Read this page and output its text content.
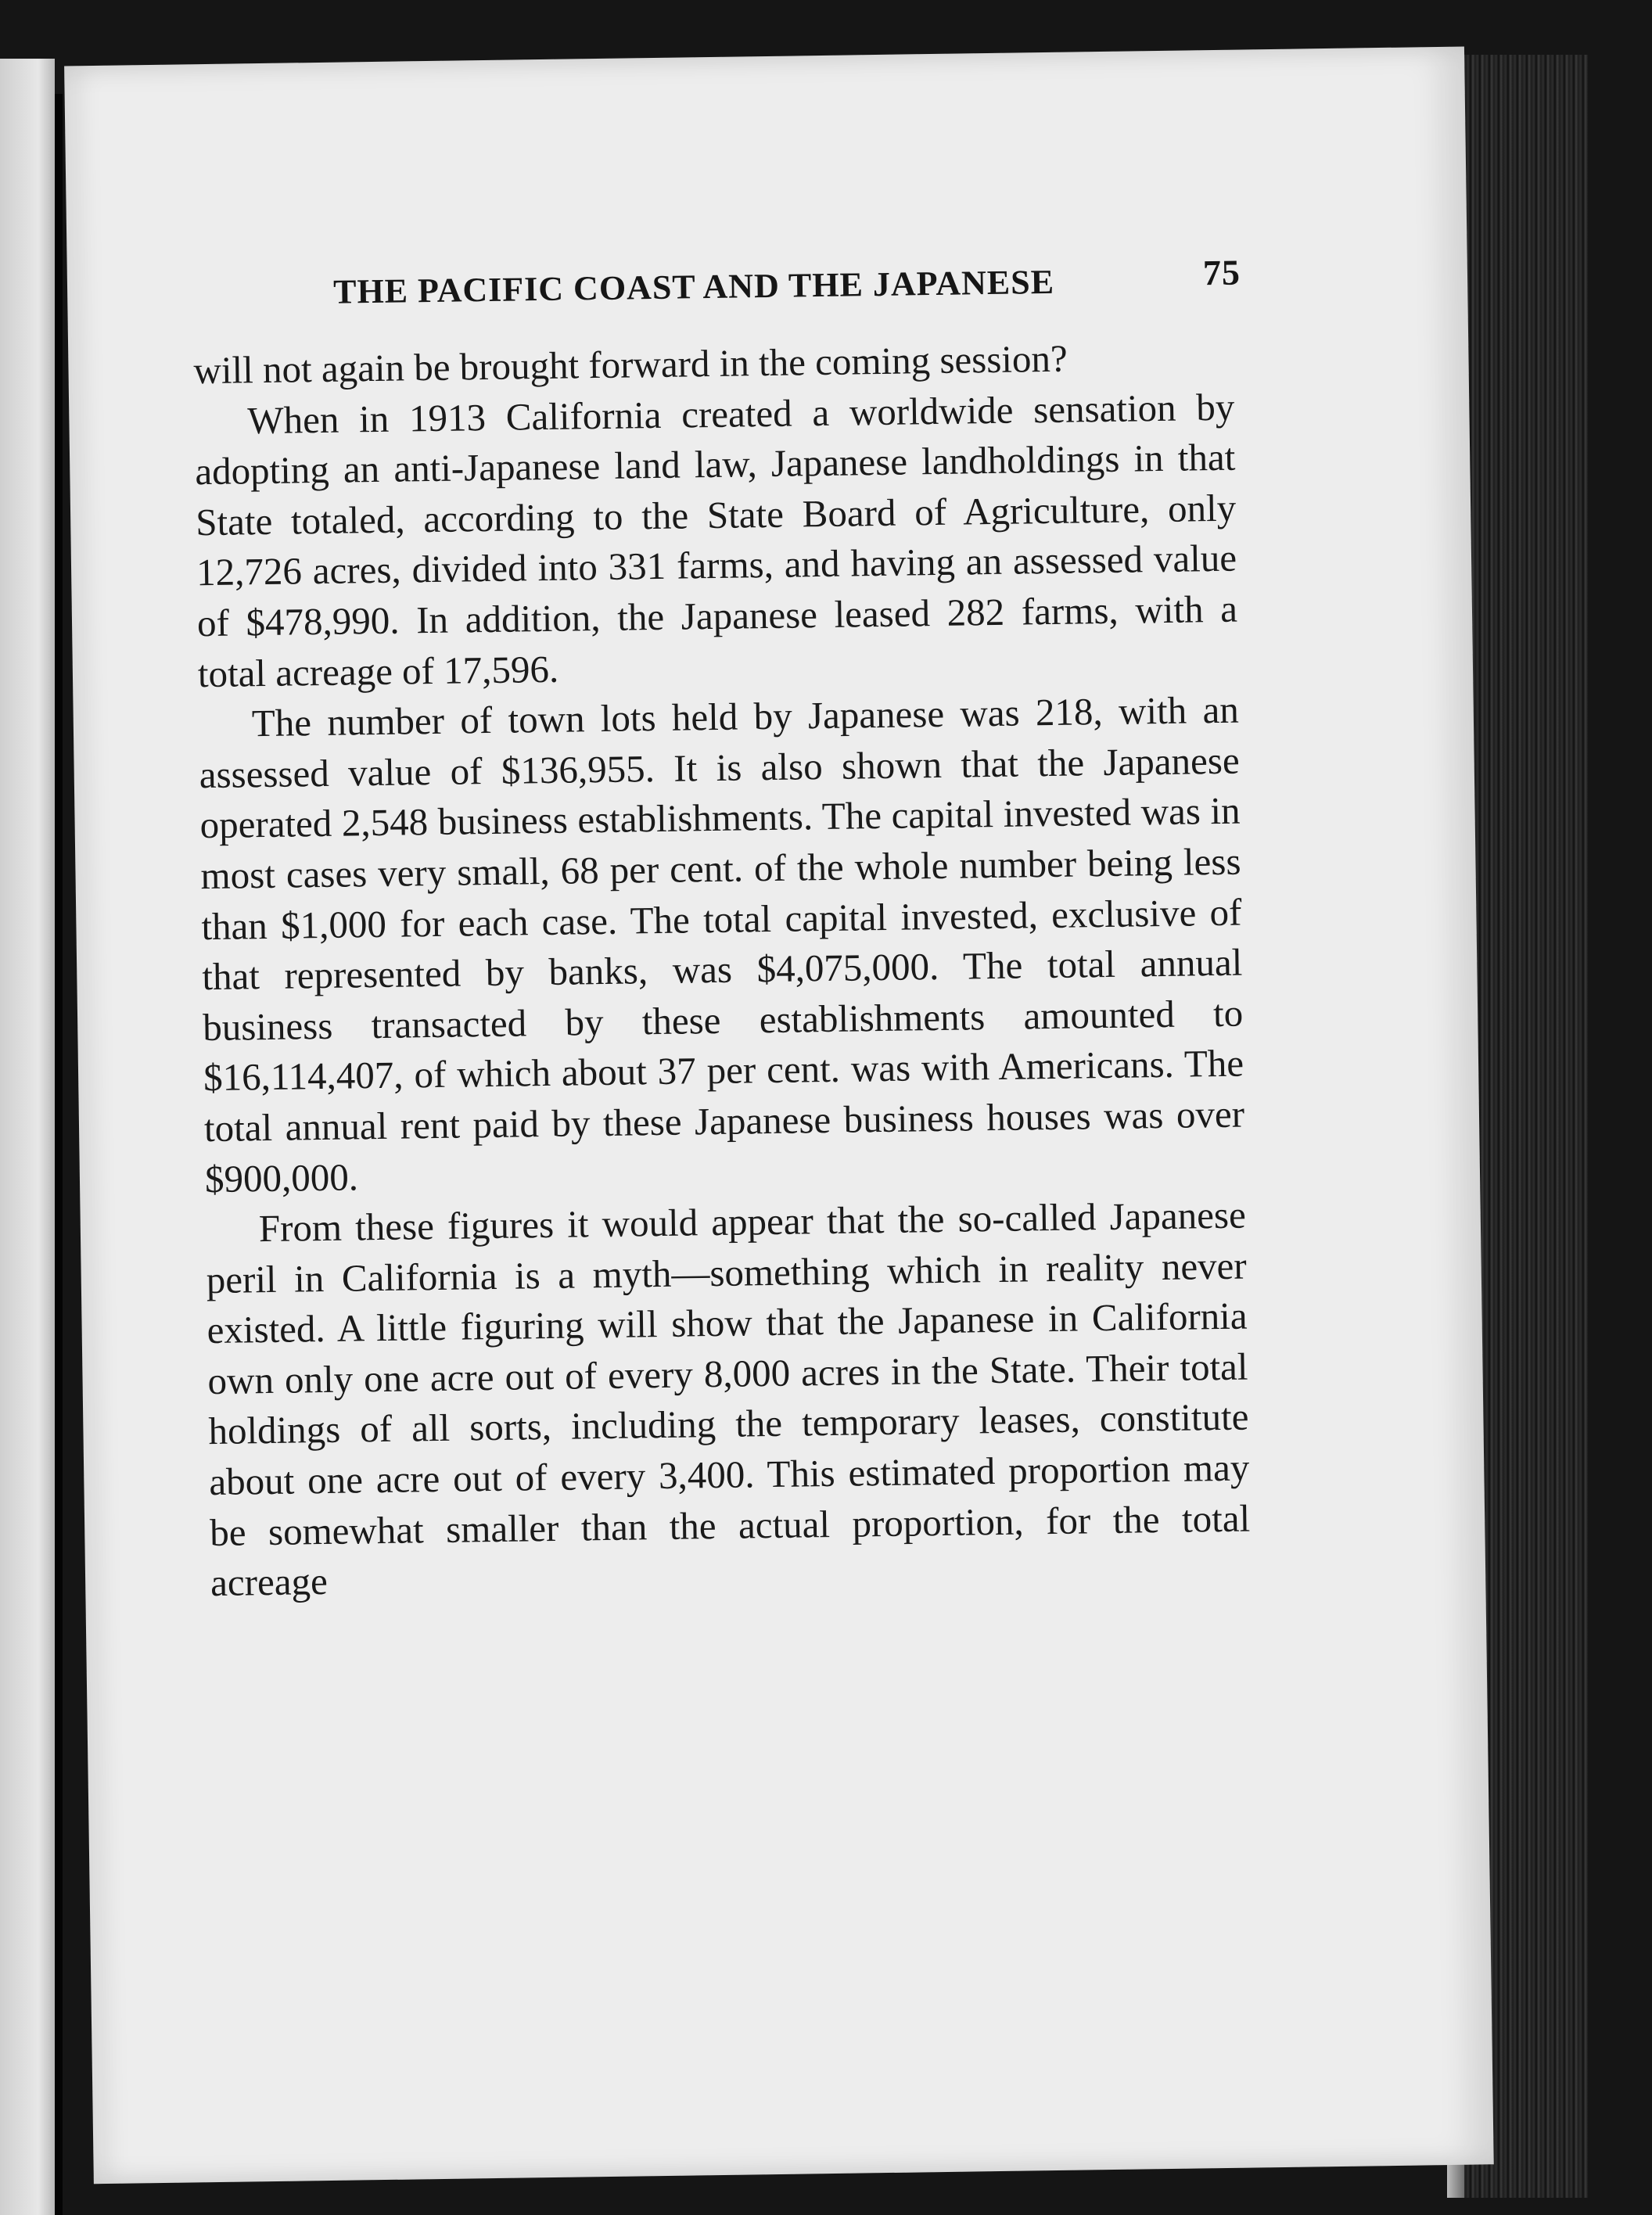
THE PACIFIC COAST AND THE JAPANESE	75

will not again be brought forward in the coming session?

When in 1913 California created a worldwide sensation by adopting an anti-Japanese land law, Japanese landholdings in that State totaled, according to the State Board of Agriculture, only 12,726 acres, divided into 331 farms, and having an assessed value of $478,990. In addition, the Japanese leased 282 farms, with a total acreage of 17,596.

The number of town lots held by Japanese was 218, with an assessed value of $136,955. It is also shown that the Japanese operated 2,548 business establishments. The capital invested was in most cases very small, 68 per cent. of the whole number being less than $1,000 for each case. The total capital invested, exclusive of that represented by banks, was $4,075,000. The total annual business transacted by these establishments amounted to $16,114,407, of which about 37 per cent. was with Americans. The total annual rent paid by these Japanese business houses was over $900,000.

From these figures it would appear that the so-called Japanese peril in California is a myth—something which in reality never existed. A little figuring will show that the Japanese in California own only one acre out of every 8,000 acres in the State. Their total holdings of all sorts, including the temporary leases, constitute about one acre out of every 3,400. This estimated proportion may be somewhat smaller than the actual proportion, for the total acreage
